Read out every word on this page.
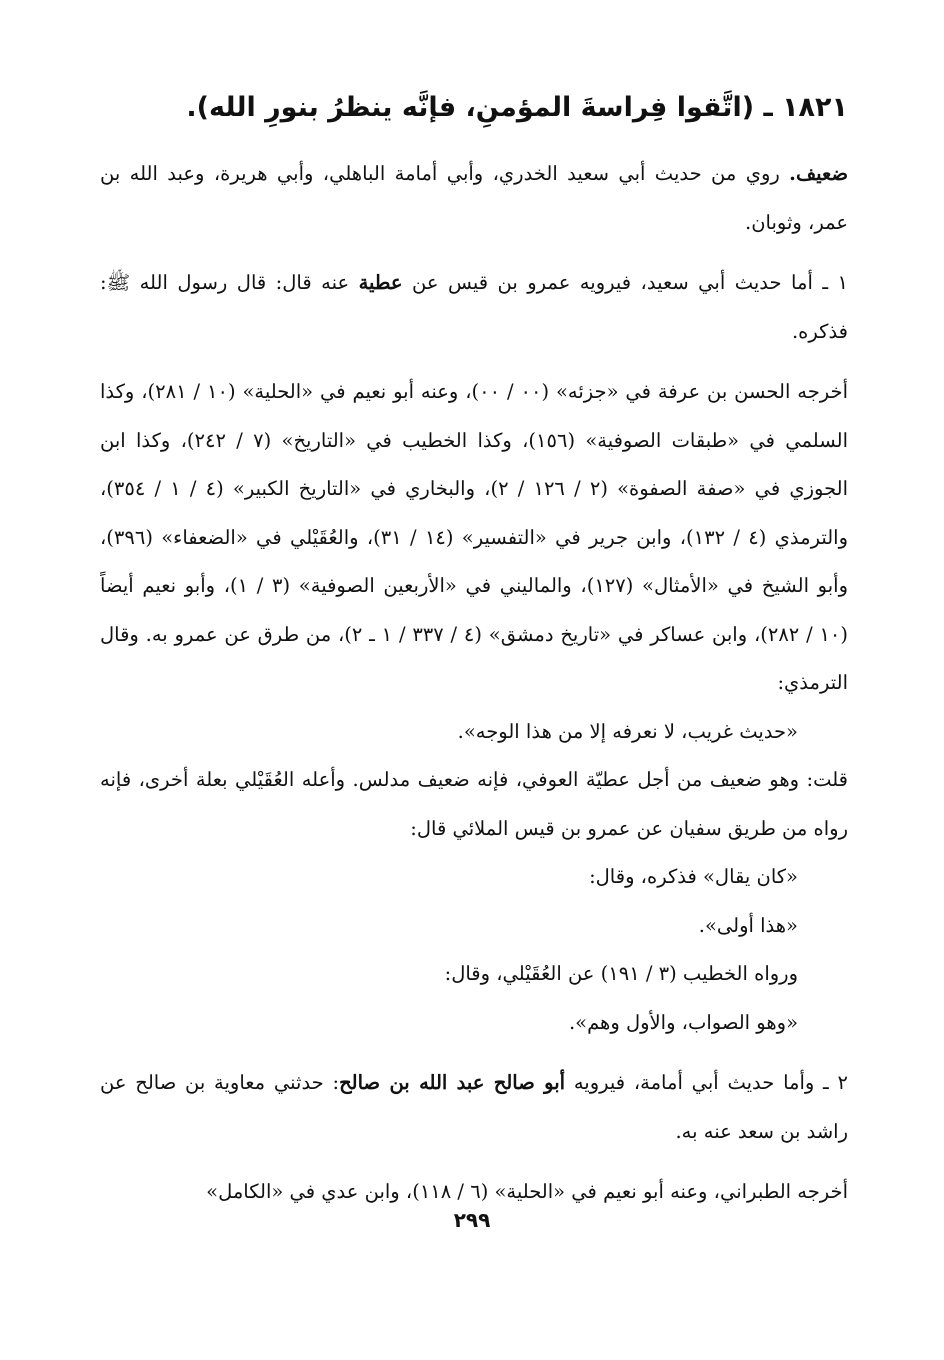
١٨٢١ ـ (اتَّقوا فِراسةَ المؤمنِ، فإنَّه ينظرُ بنورِ الله).

ضعيف. روي من حديث أبي سعيد الخدري، وأبي أمامة الباهلي، وأبي هريرة، وعبد الله بن عمر، وثوبان.

١ ـ أما حديث أبي سعيد، فيرويه عمرو بن قيس عن عطية عنه قال: قال رسول الله ﷺ: فذكره.

أخرجه الحسن بن عرفة في «جزئه» (٠٠ / ٠٠)، وعنه أبو نعيم في «الحلية» (١٠ / ٢٨١)، وكذا السلمي في «طبقات الصوفية» (١٥٦)، وكذا الخطيب في «التاريخ» (٧ / ٢٤٢)، وكذا ابن الجوزي في «صفة الصفوة» (٢ / ١٢٦ / ٢)، والبخاري في «التاريخ الكبير» (٤ / ١ / ٣٥٤)، والترمذي (٤ / ١٣٢)، وابن جرير في «التفسير» (١٤ / ٣١)، والعُقَيْلي في «الضعفاء» (٣٩٦)، وأبو الشيخ في «الأمثال» (١٢٧)، والماليني في «الأربعين الصوفية» (٣ / ١)، وأبو نعيم أيضاً (١٠ / ٢٨٢)، وابن عساكر في «تاريخ دمشق» (٤ / ٣٣٧ / ١ ـ ٢)، من طرق عن عمرو به. وقال الترمذي:

«حديث غريب، لا نعرفه إلا من هذا الوجه».

قلت: وهو ضعيف من أجل عطيّة العوفي، فإنه ضعيف مدلس. وأعله العُقَيْلي بعلة أخرى، فإنه رواه من طريق سفيان عن عمرو بن قيس الملائي قال:

«كان يقال» فذكره، وقال:

«هذا أولى».

ورواه الخطيب (٣ / ١٩١) عن العُقَيْلي، وقال:

«وهو الصواب، والأول وهم».

٢ ـ وأما حديث أبي أمامة، فيرويه أبو صالح عبد الله بن صالح: حدثني معاوية بن صالح عن راشد بن سعد عنه به.

أخرجه الطبراني، وعنه أبو نعيم في «الحلية» (٦ / ١١٨)، وابن عدي في «الكامل»

٢٩٩
